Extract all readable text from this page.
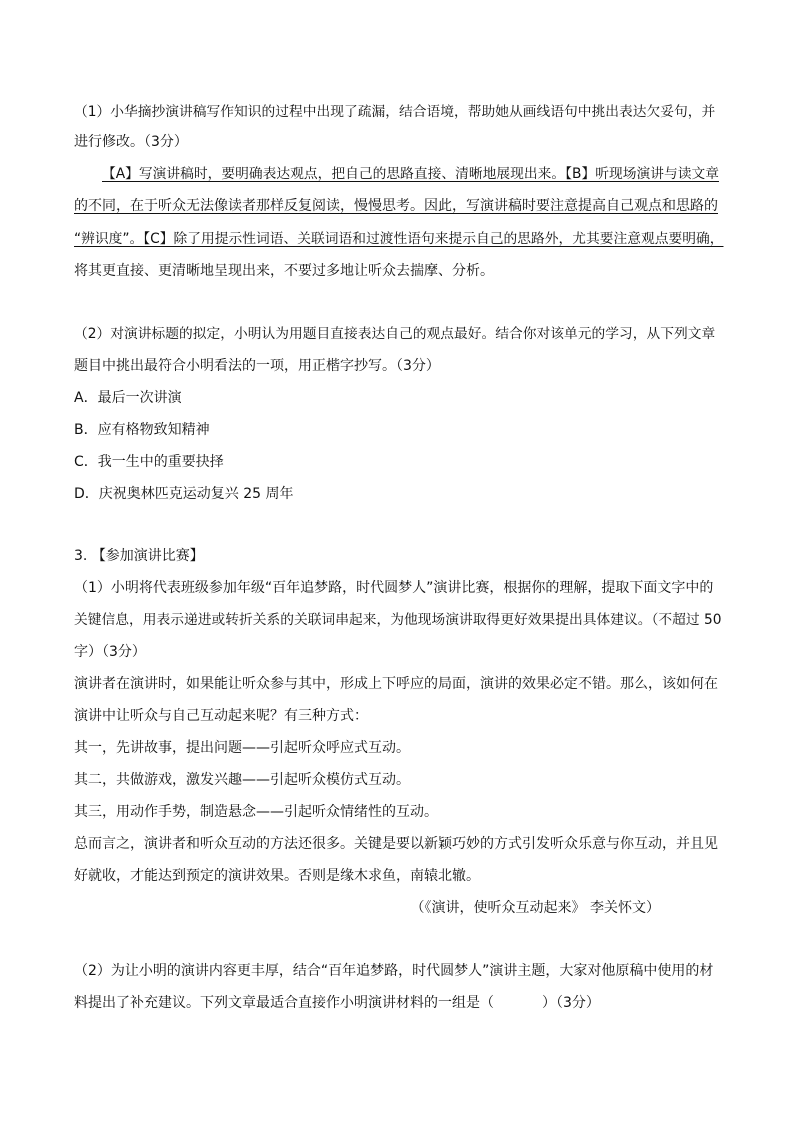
（1）小华摘抄演讲稿写作知识的过程中出现了疏漏，结合语境，帮助她从画线语句中挑出表达欠妥句，并
进行修改。（3分）
【A】写演讲稿时，要明确表达观点，把自己的思路直接、清晰地展现出来。【B】听现场演讲与读文章
的不同，在于听众无法像读者那样反复阅读，慢慢思考。因此，写演讲稿时要注意提高自己观点和思路的
“辨识度”。【C】除了用提示性词语、关联词语和过渡性语句来提示自己的思路外，尤其要注意观点要明确，
将其更直接、更清晰地呈现出来，不要过多地让听众去揣摩、分析。
（2）对演讲标题的拟定，小明认为用题目直接表达自己的观点最好。结合你对该单元的学习，从下列文章
题目中挑出最符合小明看法的一项，用正楷字抄写。（3分）
A．最后一次讲演
B．应有格物致知精神
C．我一生中的重要抉择
D．庆祝奥林匹克运动复兴 25 周年
3. 【参加演讲比赛】
（1）小明将代表班级参加年级“百年追梦路，时代圆梦人”演讲比赛，根据你的理解，提取下面文字中的
关键信息，用表示递进或转折关系的关联词串起来，为他现场演讲取得更好效果提出具体建议。（不超过 50
字）（3分）
演讲者在演讲时，如果能让听众参与其中，形成上下呼应的局面，演讲的效果必定不错。那么，该如何在
演讲中让听众与自己互动起来呢？有三种方式：
其一，先讲故事，提出问题——引起听众呼应式互动。
其二，共做游戏，激发兴趣——引起听众模仿式互动。
其三，用动作手势，制造悬念——引起听众情绪性的互动。
总而言之，演讲者和听众互动的方法还很多。关键是要以新颖巧妙的方式引发听众乐意与你互动，并且见
好就收，才能达到预定的演讲效果。否则是缘木求鱼，南辕北辙。
（《演讲，使听众互动起来》 李关怀文）
（2）为让小明的演讲内容更丰厚，结合“百年追梦路，时代圆梦人”演讲主题，大家对他原稿中使用的材
料提出了补充建议。下列文章最适合直接作小明演讲材料的一组是（	）（3分）
